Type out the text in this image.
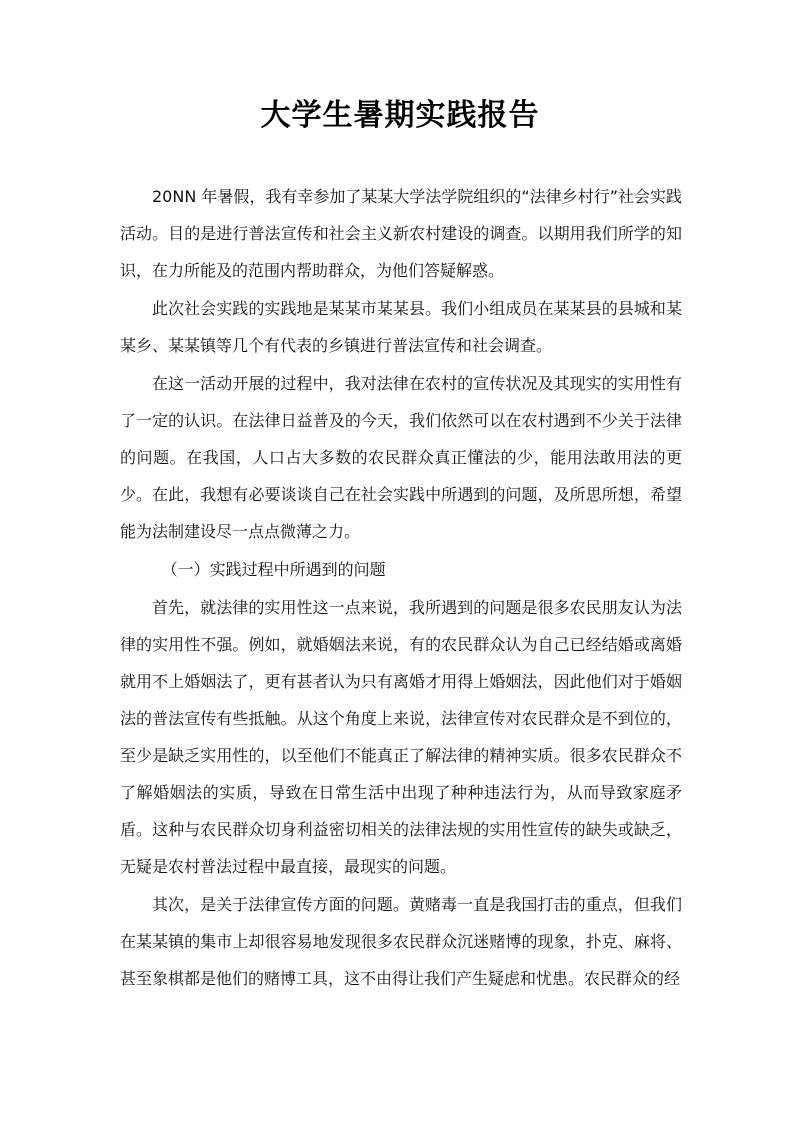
大学生暑期实践报告

20NN 年暑假，我有幸参加了某某大学法学院组织的“法律乡村行”社会实践活动。目的是进行普法宣传和社会主义新农村建设的调查。以期用我们所学的知识，在力所能及的范围内帮助群众，为他们答疑解惑。

此次社会实践的实践地是某某市某某县。我们小组成员在某某县的县城和某某乡、某某镇等几个有代表的乡镇进行普法宣传和社会调查。

在这一活动开展的过程中，我对法律在农村的宣传状况及其现实的实用性有了一定的认识。在法律日益普及的今天，我们依然可以在农村遇到不少关于法律的问题。在我国，人口占大多数的农民群众真正懂法的少，能用法敢用法的更少。在此，我想有必要谈谈自己在社会实践中所遇到的问题，及所思所想，希望能为法制建设尽一点点微薄之力。

（一）实践过程中所遇到的问题

首先，就法律的实用性这一点来说，我所遇到的问题是很多农民朋友认为法律的实用性不强。例如，就婚姻法来说，有的农民群众认为自己已经结婚或离婚就用不上婚姻法了，更有甚者认为只有离婚才用得上婚姻法，因此他们对于婚姻法的普法宣传有些抵触。从这个角度上来说，法律宣传对农民群众是不到位的，至少是缺乏实用性的，以至他们不能真正了解法律的精神实质。很多农民群众不了解婚姻法的实质，导致在日常生活中出现了种种违法行为，从而导致家庭矛盾。这种与农民群众切身利益密切相关的法律法规的实用性宣传的缺失或缺乏，无疑是农村普法过程中最直接，最现实的问题。

其次，是关于法律宣传方面的问题。黄赌毒一直是我国打击的重点，但我们在某某镇的集市上却很容易地发现很多农民群众沉迷赌博的现象，扑克、麻将、甚至象棋都是他们的赌博工具，这不由得让我们产生疑虑和忧患。农民群众的经
